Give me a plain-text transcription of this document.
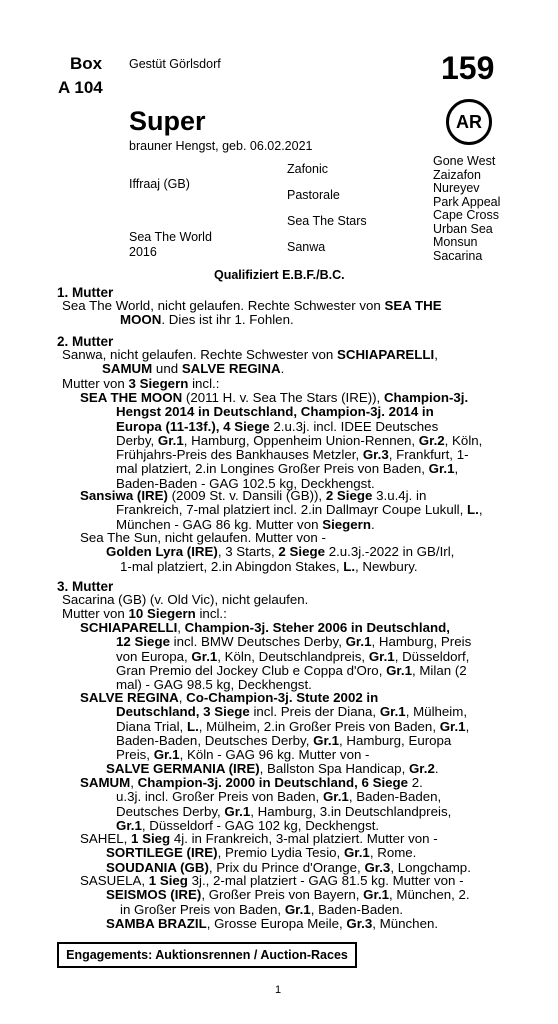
Box
A 104
Gestüt Görlsdorf	159
AR
Super
brauner Hengst, geb. 06.02.2021
Iffraaj (GB)
Sea The World
2016
Zafonic
Pastorale
Sea The Stars
Sanwa
Gone West
Zaizafon
Nureyev
Park Appeal
Cape Cross
Urban Sea
Monsun
Sacarina
Qualifiziert E.B.F./B.C.
1. Mutter
Sea The World, nicht gelaufen. Rechte Schwester von SEA THE
MOON. Dies ist ihr 1. Fohlen.
2. Mutter
Sanwa, nicht gelaufen. Rechte Schwester von SCHIAPARELLI,
SAMUM und SALVE REGINA.
Mutter von 3 Siegern incl.:
SEA THE MOON (2011 H. v. Sea The Stars (IRE)), Champion-3j.
Hengst 2014 in Deutschland, Champion-3j. 2014 in
Europa (11-13f.), 4 Siege 2.u.3j. incl. IDEE Deutsches
Derby, Gr.1, Hamburg, Oppenheim Union-Rennen, Gr.2, Köln,
Frühjahrs-Preis des Bankhauses Metzler, Gr.3, Frankfurt, 1-
mal platziert, 2.in Longines Großer Preis von Baden, Gr.1,
Baden-Baden - GAG 102.5 kg, Deckhengst.
Sansiwa (IRE) (2009 St. v. Dansili (GB)), 2 Siege 3.u.4j. in
Frankreich, 7-mal platziert incl. 2.in Dallmayr Coupe Lukull, L.,
München - GAG 86 kg. Mutter von Siegern.
Sea The Sun, nicht gelaufen. Mutter von -
Golden Lyra (IRE), 3 Starts, 2 Siege 2.u.3j.-2022 in GB/Irl,
1-mal platziert, 2.in Abingdon Stakes, L., Newbury.
3. Mutter
Sacarina (GB) (v. Old Vic), nicht gelaufen.
Mutter von 10 Siegern incl.:
SCHIAPARELLI, Champion-3j. Steher 2006 in Deutschland,
12 Siege incl. BMW Deutsches Derby, Gr.1, Hamburg, Preis
von Europa, Gr.1, Köln, Deutschlandpreis, Gr.1, Düsseldorf,
Gran Premio del Jockey Club e Coppa d'Oro, Gr.1, Milan (2
mal) - GAG 98.5 kg, Deckhengst.
SALVE REGINA, Co-Champion-3j. Stute 2002 in
Deutschland, 3 Siege incl. Preis der Diana, Gr.1, Mülheim,
Diana Trial, L., Mülheim, 2.in Großer Preis von Baden, Gr.1,
Baden-Baden, Deutsches Derby, Gr.1, Hamburg, Europa
Preis, Gr.1, Köln - GAG 96 kg. Mutter von -
SALVE GERMANIA (IRE), Ballston Spa Handicap, Gr.2.
SAMUM, Champion-3j. 2000 in Deutschland, 6 Siege 2.
u.3j. incl. Großer Preis von Baden, Gr.1, Baden-Baden,
Deutsches Derby, Gr.1, Hamburg, 3.in Deutschlandpreis,
Gr.1, Düsseldorf - GAG 102 kg, Deckhengst.
SAHEL, 1 Sieg 4j. in Frankreich, 3-mal platziert. Mutter von -
SORTILEGE (IRE), Premio Lydia Tesio, Gr.1, Rome.
SOUDANIA (GB), Prix du Prince d'Orange, Gr.3, Longchamp.
SASUELA, 1 Sieg 3j., 2-mal platziert - GAG 81.5 kg. Mutter von -
SEISMOS (IRE), Großer Preis von Bayern, Gr.1, München, 2.
in Großer Preis von Baden, Gr.1, Baden-Baden.
SAMBA BRAZIL, Grosse Europa Meile, Gr.3, München.
Engagements: Auktionsrennen / Auction-Races
1
